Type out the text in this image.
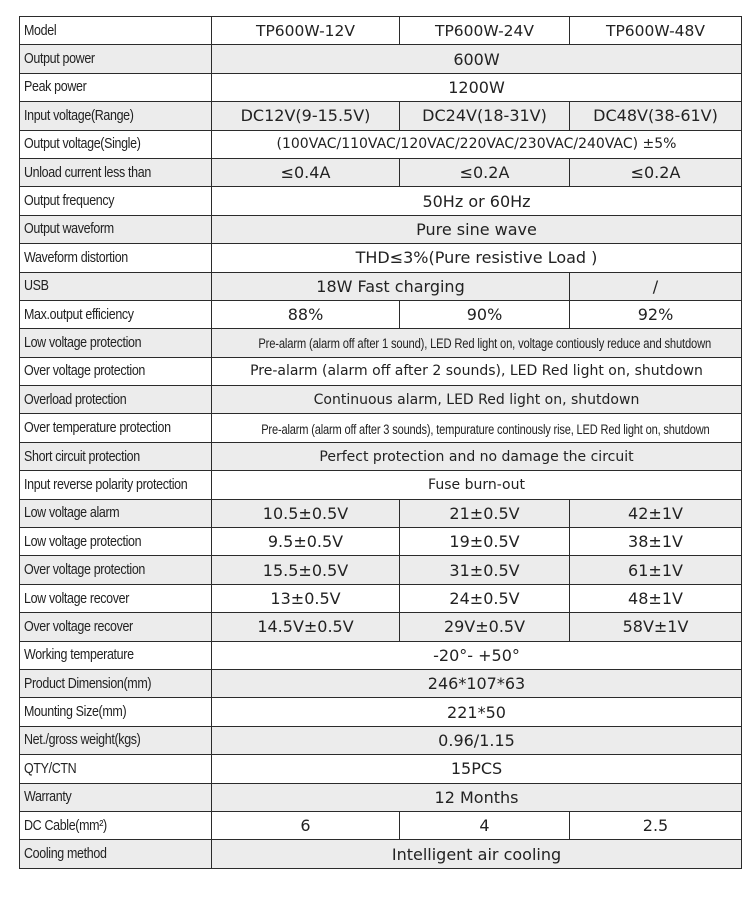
Model	TP600W-12V	TP600W-24V	TP600W-48V
Output power	600W		
Peak power	1200W		
Input voltage(Range)	DC12V(9-15.5V)	DC24V(18-31V)	DC48V(38-61V)
Output voltage(Single)	(100VAC/110VAC/120VAC/220VAC/230VAC/240VAC) ±5%		
Unload current less than	≤0.4A	≤0.2A	≤0.2A
Output frequency	50Hz or 60Hz		
Output waveform	Pure sine wave		
Waveform distortion	THD≤3%(Pure resistive Load )		
USB	18W Fast charging		/
Max.output efficiency	88%	90%	92%
Low voltage protection	Pre-alarm (alarm off after 1 sound), LED Red light on, voltage contiously reduce and shutdown		
Over voltage protection	Pre-alarm (alarm off after 2 sounds), LED Red light on, shutdown		
Overload protection	Continuous alarm, LED Red light on, shutdown		
Over temperature protection	Pre-alarm (alarm off after 3 sounds), tempurature continously rise, LED Red light on, shutdown		
Short circuit protection	Perfect protection and no damage the circuit		
Input reverse polarity protection	Fuse burn-out		
Low voltage alarm	10.5±0.5V	21±0.5V	42±1V
Low voltage protection	9.5±0.5V	19±0.5V	38±1V
Over voltage protection	15.5±0.5V	31±0.5V	61±1V
Low voltage recover	13±0.5V	24±0.5V	48±1V
Over voltage recover	14.5V±0.5V	29V±0.5V	58V±1V
Working temperature	-20°- +50°		
Product Dimension(mm)	246*107*63		
Mounting Size(mm)	221*50		
Net./gross weight(kgs)	0.96/1.15		
QTY/CTN	15PCS		
Warranty	12 Months		
DC Cable(mm²)	6	4	2.5
Cooling method	Intelligent air cooling		
